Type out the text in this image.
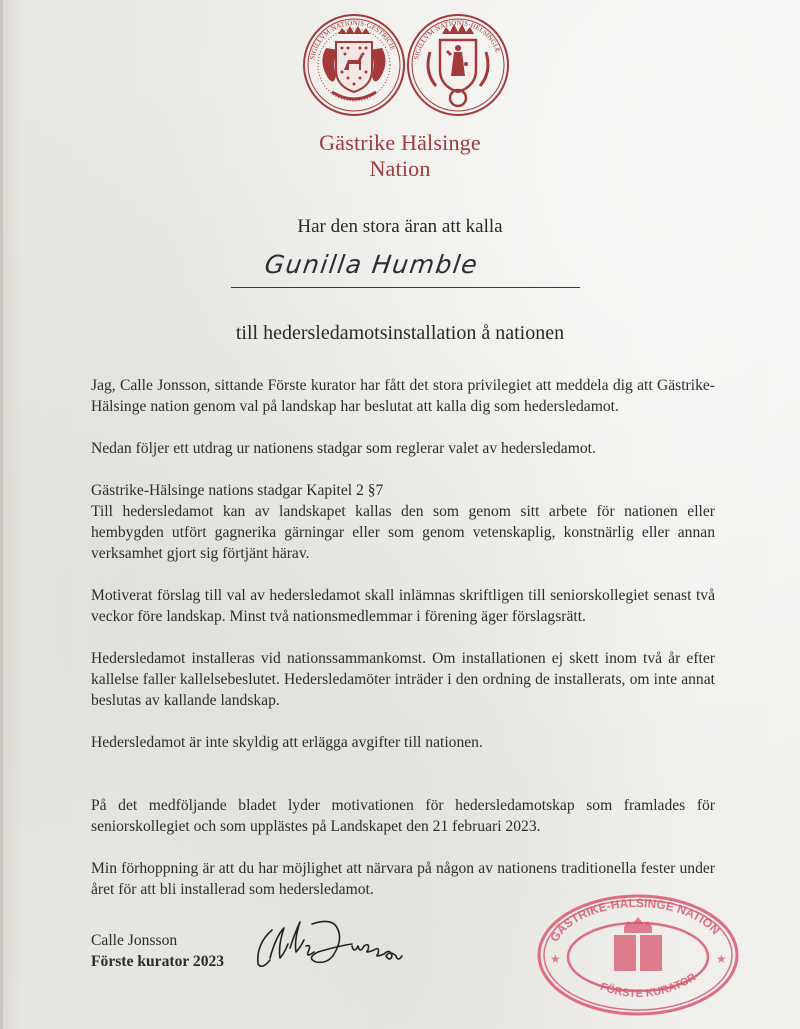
SIGILLVM·NATIONIS·GESTRICIE
SIGILLVM·NATIONIS·HELSINGIÆ
Gästrike Hälsinge
Nation
Har den stora äran att kalla
Gunilla Humble
till hedersledamotsinstallation å nationen

Jag, Calle Jonsson, sittande Förste kurator har fått det stora privilegiet att meddela dig att Gästrike-Hälsinge nation genom val på landskap har beslutat att kalla dig som hedersledamot.

Nedan följer ett utdrag ur nationens stadgar som reglerar valet av hedersledamot.

Gästrike-Hälsinge nations stadgar Kapitel 2 §7

Till hedersledamot kan av landskapet kallas den som genom sitt arbete för nationen eller hembygden utfört gagnerika gärningar eller som genom vetenskaplig, konstnärlig eller annan verksamhet gjort sig förtjänt härav.

Motiverat förslag till val av hedersledamot skall inlämnas skriftligen till seniorskollegiet senast två veckor före landskap. Minst två nationsmedlemmar i förening äger förslagsrätt.

Hedersledamot installeras vid nationssammankomst. Om installationen ej skett inom två år efter kallelse faller kallelsebeslutet. Hedersledamöter inträder i den ordning de installerats, om inte annat beslutas av kallande landskap.

Hedersledamot är inte skyldig att erlägga avgifter till nationen.

På det medföljande bladet lyder motivationen för hedersledamotskap som framlades för seniorskollegiet och som upplästes på Landskapet den 21 februari 2023.

Min förhoppning är att du har möjlighet att närvara på någon av nationens traditionella fester under året för att bli installerad som hedersledamot.

Calle Jonsson
Förste kurator 2023
GÄSTRIKE-HÄLSINGE NATION
FÖRSTE KURATOR
★	★
